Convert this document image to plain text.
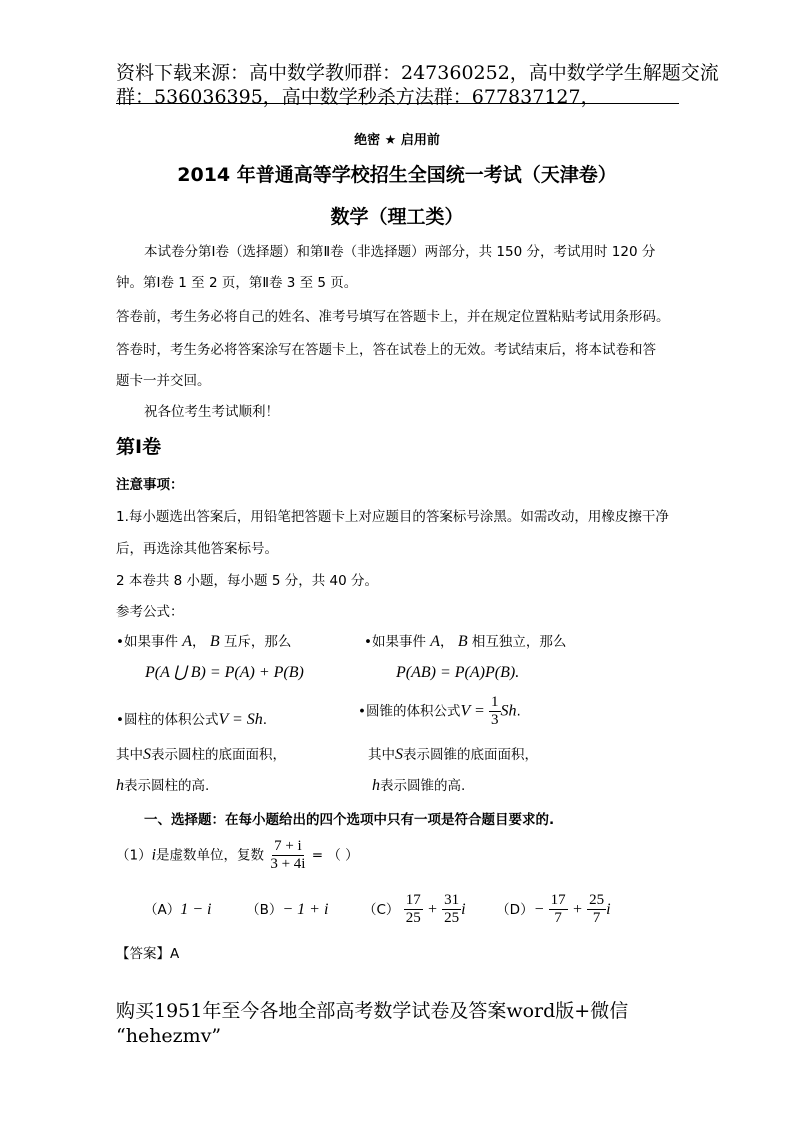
资料下载来源：高中数学教师群：247360252，高中数学学生解题交流
群：536036395，高中数学秒杀方法群：677837127，
绝密 ★ 启用前
2014 年普通高等学校招生全国统一考试（天津卷）
数学（理工类）
本试卷分第Ⅰ卷（选择题）和第Ⅱ卷（非选择题）两部分，共 150 分，考试用时 120 分
钟。第Ⅰ卷 1 至 2 页，第Ⅱ卷 3 至 5 页。
答卷前，考生务必将自己的姓名、准考号填写在答题卡上，并在规定位置粘贴考试用条形码。
答卷时，考生务必将答案涂写在答题卡上，答在试卷上的无效。考试结束后，将本试卷和答
题卡一并交回。
祝各位考生考试顺利！
第Ⅰ卷
注意事项：
1.每小题选出答案后，用铅笔把答题卡上对应题目的答案标号涂黑。如需改动，用橡皮擦干净
后，再选涂其他答案标号。
2 本卷共 8 小题，每小题 5 分，共 40 分。
参考公式：
•如果事件 A， B 互斥，那么	•如果事件 A， B 相互独立，那么
P(A ⋃ B) = P(A) + P(B)	P(AB) = P(A)P(B).
•圆柱的体积公式V = Sh.
•圆锥的体积公式$V = \frac{1}{3} Sh$.
其中S表示圆柱的底面面积，	其中S表示圆锥的底面面积，
h表示圆柱的高.	h表示圆锥的高.
一、选择题：在每小题给出的四个选项中只有一项是符合题目要求的.
（1）i是虚数单位，复数 $\frac{7 + i}{3 + 4i}$ = （ ）
（A）1 − i	（B）− 1 + i	$(C) \frac{17}{25} + \frac{31}{25}$ i $(D)- \frac{17}{7} + \frac{25}{7}$ i
【答案】A
购买1951年至今各地全部高考数学试卷及答案word版+微信
“hehezmv”
